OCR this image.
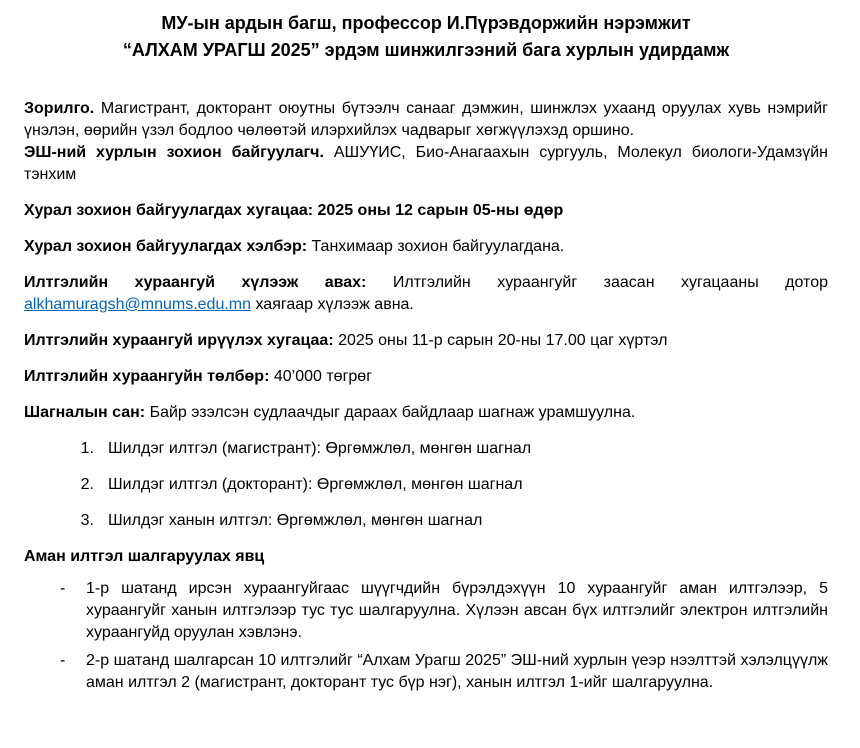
МУ-ын ардын багш, профессор И.Пүрэвдоржийн нэрэмжит
“АЛХАМ УРАГШ 2025” эрдэм шинжилгээний бага хурлын удирдамж

Зорилго. Магистрант, докторант оюутны бүтээлч санааг дэмжин, шинжлэх ухаанд оруулах хувь нэмрийг үнэлэн, өөрийн үзэл бодлоо чөлөөтэй илэрхийлэх чадварыг хөгжүүлэхэд оршино.

ЭШ-ний хурлын зохион байгуулагч. АШУҮИС, Био-Анагаахын сургууль, Молекул биологи-Удамзүйн тэнхим

Хурал зохион байгуулагдах хугацаа: 2025 оны 12 сарын 05-ны өдөр

Хурал зохион байгуулагдах хэлбэр: Танхимаар зохион байгуулагдана.

Илтгэлийн хураангуй хүлээж авах: Илтгэлийн хураангуйг заасан хугацааны дотор alkhamuragsh@mnums.edu.mn хаягаар хүлээж авна.

Илтгэлийн хураангуй ирүүлэх хугацаа: 2025 оны 11-р сарын 20-ны 17.00 цаг хүртэл

Илтгэлийн хураангуйн төлбөр: 40’000 төгрөг

Шагналын сан: Байр эзэлсэн судлаачдыг дараах байдлаар шагнаж урамшуулна.

1. Шилдэг илтгэл (магистрант): Өргөмжлөл, мөнгөн шагнал
2. Шилдэг илтгэл (докторант): Өргөмжлөл, мөнгөн шагнал
3. Шилдэг ханын илтгэл: Өргөмжлөл, мөнгөн шагнал

Аман илтгэл шалгаруулах явц

-	1-р шатанд ирсэн хураангуйгаас шүүгчдийн бүрэлдэхүүн 10 хураангуйг аман илтгэлээр, 5 хураангуйг ханын илтгэлээр тус тус шалгаруулна. Хүлээн авсан бүх илтгэлийг электрон илтгэлийн хураангуйд оруулан хэвлэнэ.
-	2-р шатанд шалгарсан 10 илтгэлийг “Алхам Урагш 2025” ЭШ-ний хурлын үеэр нээлттэй хэлэлцүүлж аман илтгэл 2 (магистрант, докторант тус бүр нэг), ханын илтгэл 1-ийг шалгаруулна.
